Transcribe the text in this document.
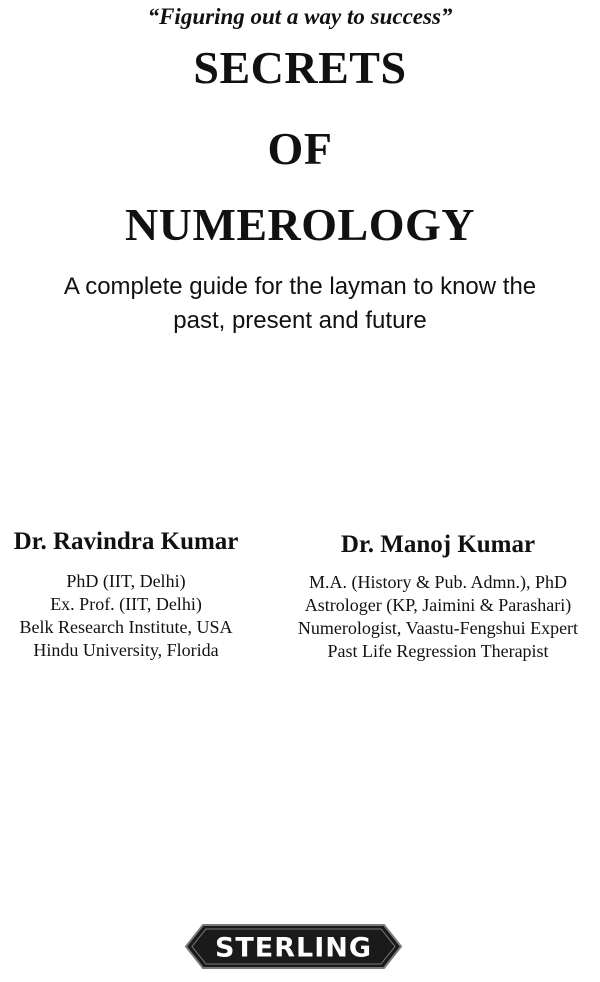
“Figuring out a way to success”
SECRETS
OF
NUMEROLOGY
A complete guide for the layman to know the
past, present and future
Dr. Ravindra Kumar
PhD (IIT, Delhi)
Ex. Prof. (IIT, Delhi)
Belk Research Institute, USA
Hindu University, Florida
Dr. Manoj Kumar
M.A. (History & Pub. Admn.), PhD
Astrologer (KP, Jaimini & Parashari)
Numerologist, Vaastu-Fengshui Expert
Past Life Regression Therapist
STERLING
